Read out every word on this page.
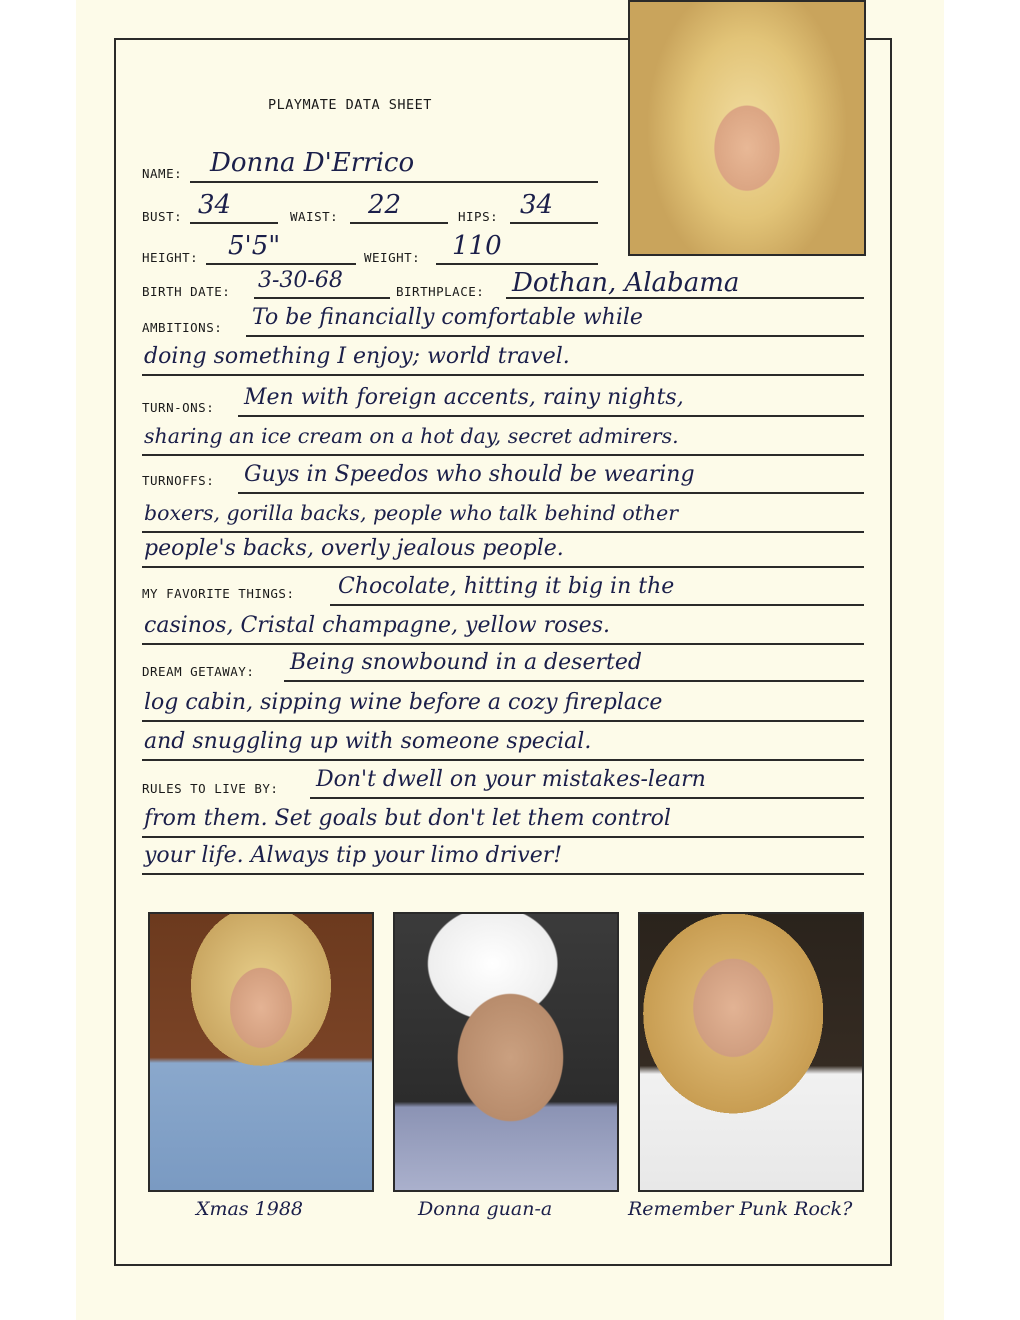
PLAYMATE DATA SHEET
NAME: Donna D'Errico
BUST: 34	WAIST: 22	HIPS: 34
HEIGHT: 5'5"	WEIGHT: 110
BIRTH DATE: 3-30-68	BIRTHPLACE: Dothan, Alabama
AMBITIONS: To be financially comfortable while
doing something I enjoy; world travel.
TURN-ONS: Men with foreign accents, rainy nights,
sharing an ice cream on a hot day, secret admirers.
TURNOFFS: Guys in Speedos who should be wearing
boxers, gorilla backs, people who talk behind other
people's backs, overly jealous people.
MY FAVORITE THINGS: Chocolate, hitting it big in the
casinos, Cristal champagne, yellow roses.
DREAM GETAWAY: Being snowbound in a deserted
log cabin, sipping wine before a cozy fireplace
and snuggling up with someone special.
RULES TO LIVE BY: Don't dwell on your mistakes-learn
from them. Set goals but don't let them control
your life. Always tip your limo driver!
Xmas 1988	Donna guan-a	Remember Punk Rock?
